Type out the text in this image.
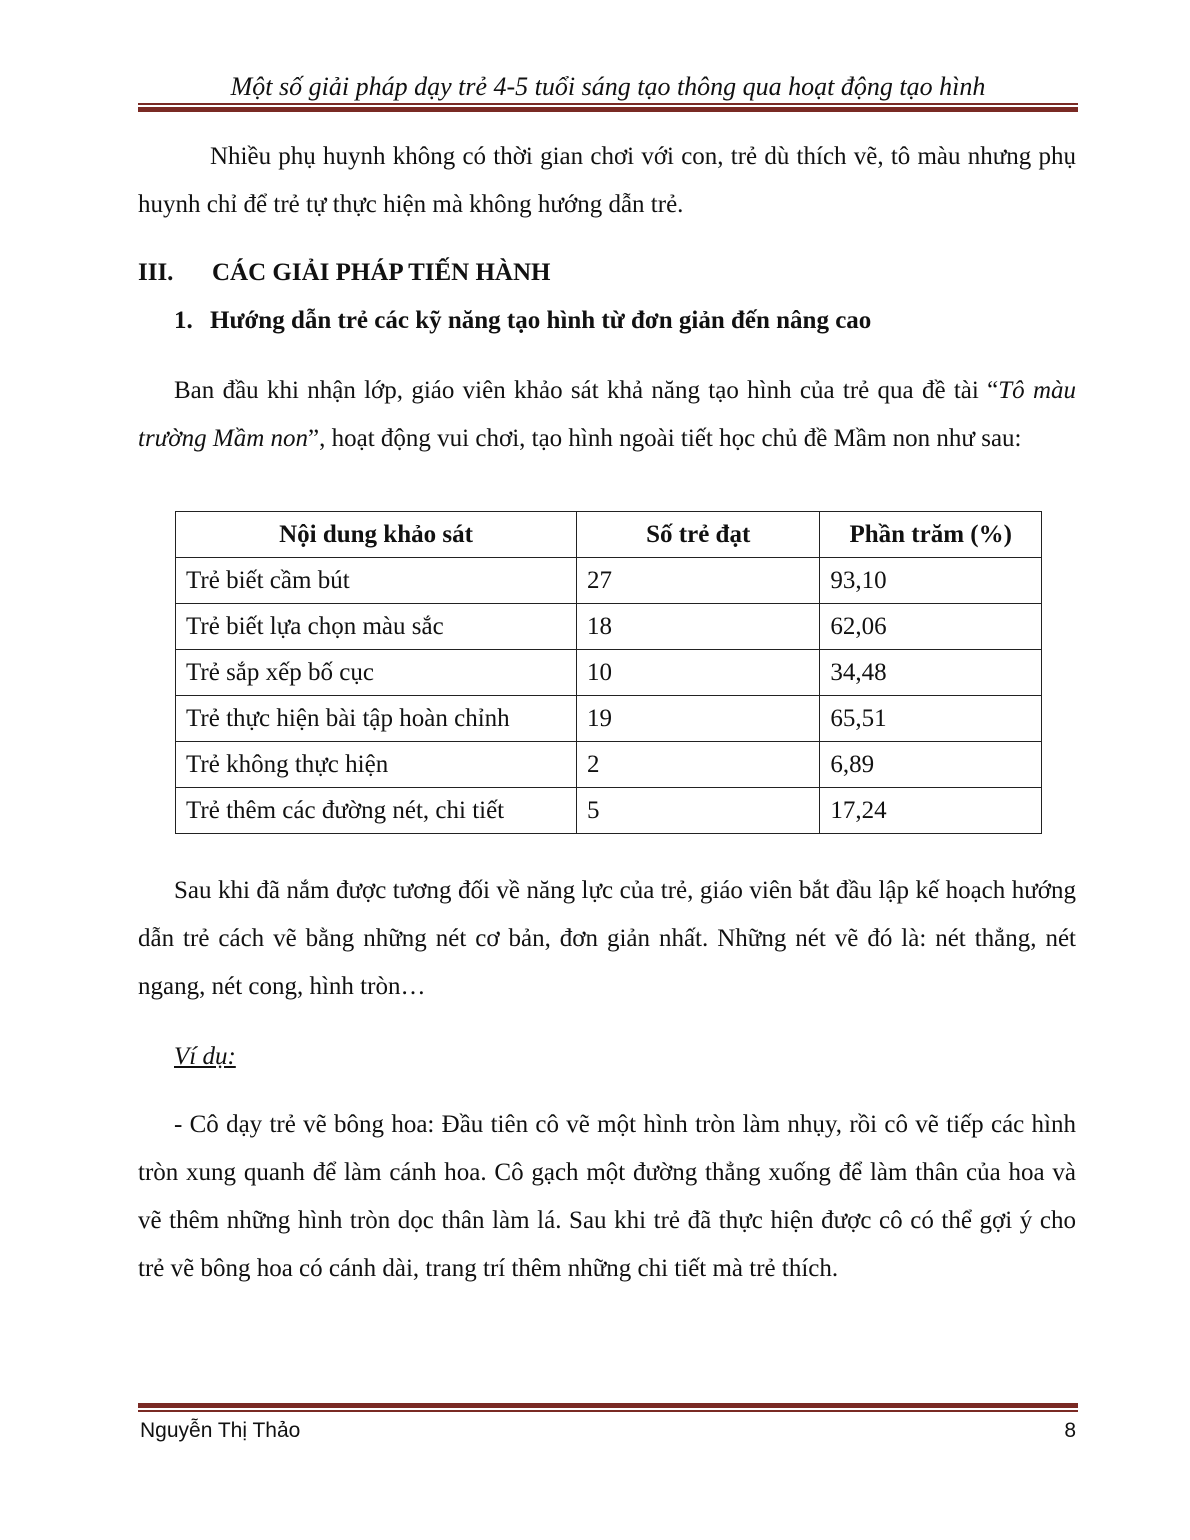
Một số giải pháp dạy trẻ 4-5 tuổi sáng tạo thông qua hoạt động tạo hình
Nhiều phụ huynh không có thời gian chơi với con, trẻ dù thích vẽ, tô màu nhưng phụ huynh chỉ để trẻ tự thực hiện mà không hướng dẫn trẻ.
III. CÁC GIẢI PHÁP TIẾN HÀNH
1. Hướng dẫn trẻ các kỹ năng tạo hình từ đơn giản đến nâng cao
Ban đầu khi nhận lớp, giáo viên khảo sát khả năng tạo hình của trẻ qua đề tài “Tô màu trường Mầm non”, hoạt động vui chơi, tạo hình ngoài tiết học chủ đề Mầm non như sau:
Nội dung khảo sát	Số trẻ đạt	Phần trăm (%)
Trẻ biết cầm bút	27	93,10
Trẻ biết lựa chọn màu sắc	18	62,06
Trẻ sắp xếp bố cục	10	34,48
Trẻ thực hiện bài tập hoàn chỉnh	19	65,51
Trẻ không thực hiện	2	6,89
Trẻ thêm các đường nét, chi tiết	5	17,24
Sau khi đã nắm được tương đối về năng lực của trẻ, giáo viên bắt đầu lập kế hoạch hướng dẫn trẻ cách vẽ bằng những nét cơ bản, đơn giản nhất. Những nét vẽ đó là: nét thẳng, nét ngang, nét cong, hình tròn…
Ví dụ:
- Cô dạy trẻ vẽ bông hoa: Đầu tiên cô vẽ một hình tròn làm nhụy, rồi cô vẽ tiếp các hình tròn xung quanh để làm cánh hoa. Cô gạch một đường thẳng xuống để làm thân của hoa và vẽ thêm những hình tròn dọc thân làm lá. Sau khi trẻ đã thực hiện được cô có thể gợi ý cho trẻ vẽ bông hoa có cánh dài, trang trí thêm những chi tiết mà trẻ thích.
Nguyễn Thị Thảo	8
